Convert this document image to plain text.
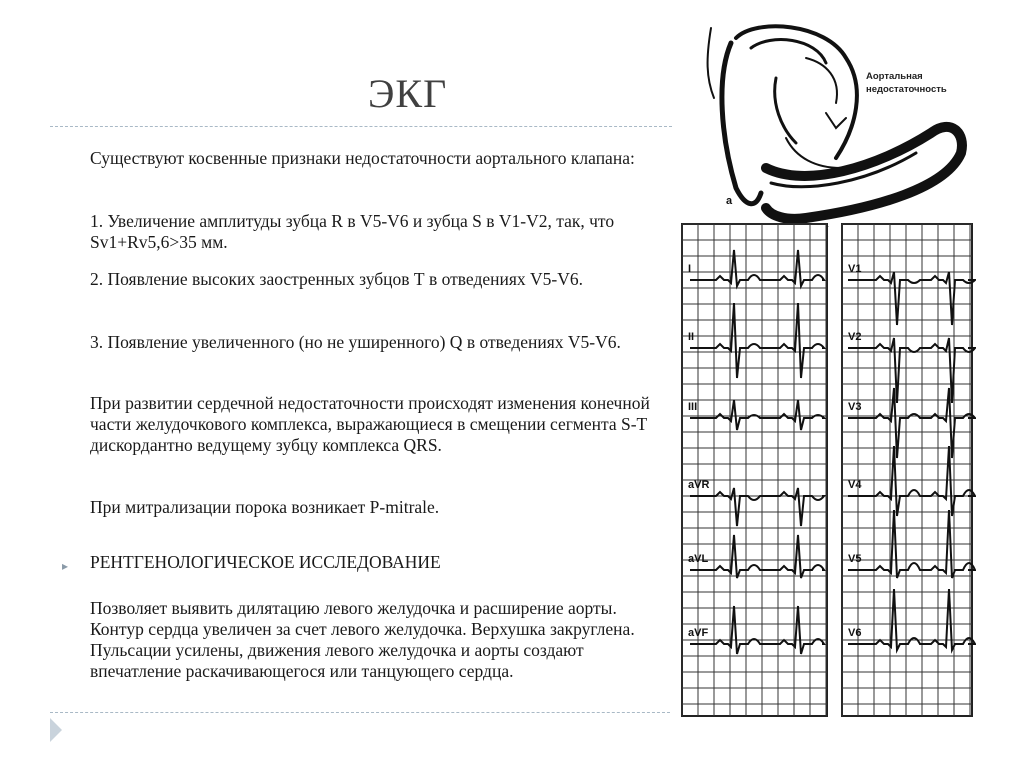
ЭКГ
Существуют косвенные признаки недостаточности аортального клапана:
1. Увеличение амплитуды зубца R в V5-V6 и зубца S в V1-V2, так, что Sv1+Rv5,6>35 мм.
2. Появление высоких заостренных зубцов Т в отведениях V5-V6.
3. Появление увеличенного (но не уширенного) Q в отведениях V5-V6.
При развитии сердечной недостаточности происходят изменения конечной части желудочкового комплекса, выражающиеся в смещении сегмента S-T дискордантно ведущему зубцу комплекса QRS.
При митрализации порока возникает P-mitrale.
▸ РЕНТГЕНОЛОГИЧЕСКОЕ ИССЛЕДОВАНИЕ
Позволяет выявить дилятацию левого желудочка и расширение аорты. Контур сердца увеличен за счет левого желудочка. Верхушка закруглена. Пульсации усилены, движения левого желудочка и аорты создают впечатление раскачивающегося или танцующего сердца.
а
I
II
III
aVR
aVL
aVF
V1
V2
V3
V4
V5
V6
Аортальная
недостаточность
